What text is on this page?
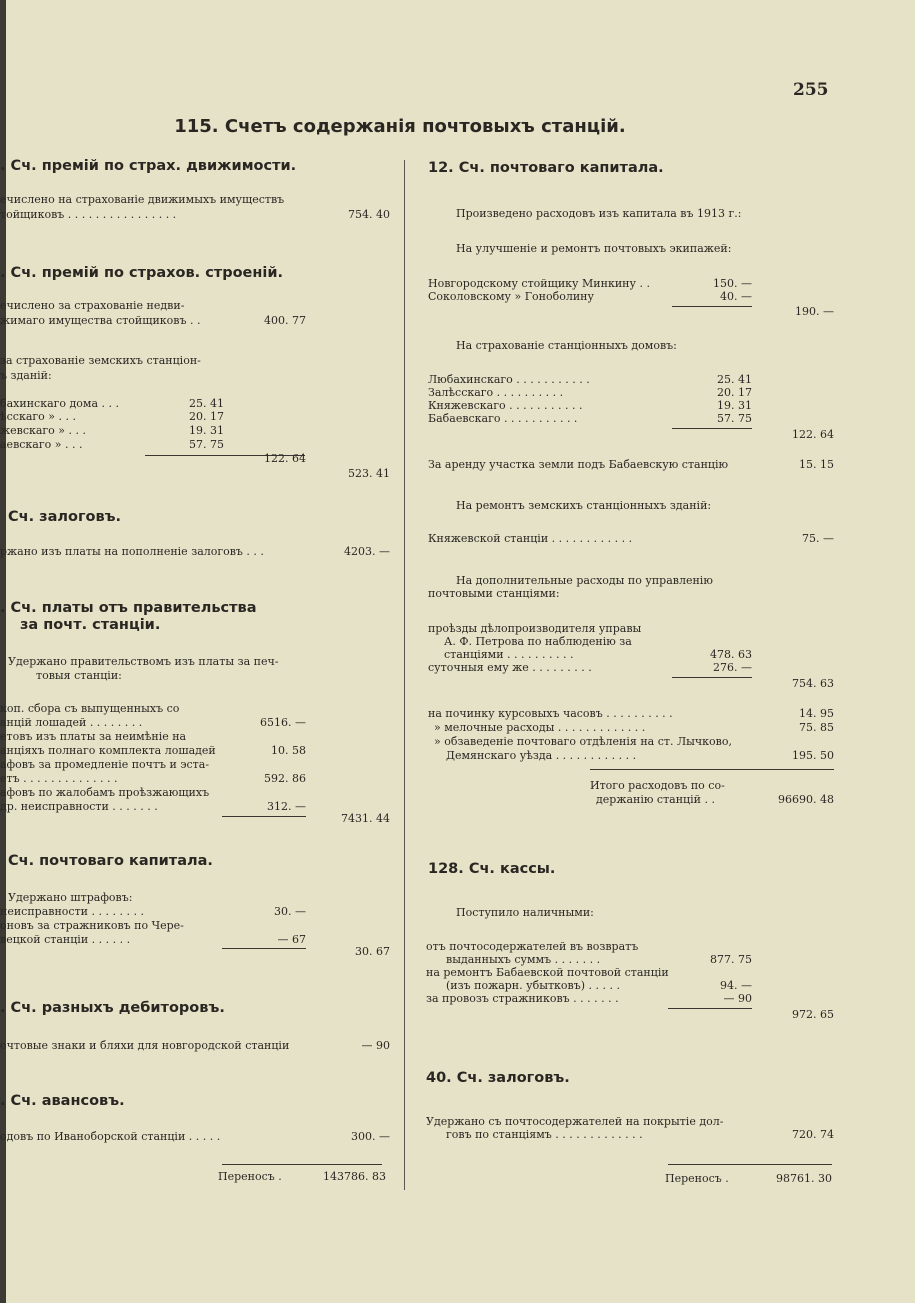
255
115. Счетъ содержанія почтовыхъ станцій.
. Сч. премій по страх. движимости.
ечислено на страхованіе движимыхъ имуществъ
тойщиковъ . . . . . . . . . . . . . . . .	754. 40
. Сч. премій по страхов. строеній.
ечислено за страхованіе недви-
жимаго имущества стойщиковъ . .	400. 77
за страхованіе земскихъ станціон-
ъ зданій:
бахинскаго дома . . .	25. 41
ѣсскаго » . . .	20. 17
жевскаго » . . .	19. 31
аевскаго » . . .	57. 75
122. 64
523. 41
Сч. залоговъ.
ржано изъ платы на пополненіе залоговъ . . .	4203. —
. Сч. платы отъ правительства
за почт. станціи.
Удержано правительствомъ изъ платы за печ-
товыя станціи:
коп. сбора съ выпущенныхъ со
анцій лошадей . . . . . . . .	6516. —
етовъ изъ платы за неимѣніе на
анціяхъ полнаго комплекта лошадей	10. 58
афовъ за промедленіе почтъ и эста-
етъ . . . . . . . . . . . . . .	592. 86
афовъ по жалобамъ проѣзжающихъ
др. неисправности . . . . . . .	312. —
7431. 44
Сч. почтоваго капитала.
Удержано штрафовъ:
неисправности . . . . . . . .	30. —
оновъ за стражниковъ по Чере-
вецкой станціи . . . . . .	— 67
30. 67
. Сч. разныхъ дебиторовъ.
очтовые знаки и бляхи для новгородской станціи	— 90
. Сч. авансовъ.
одовъ по Иваноборской станціи . . . . .	300. —
Переносъ .	143786. 83
12. Сч. почтоваго капитала.
Произведено расходовъ изъ капитала въ 1913 г.:
На улучшеніе и ремонтъ почтовыхъ экипажей:
Новгородскому стойщику Минкину . .	150. —
Соколовскому » Гоноболину	40. —
190. —
На страхованіе станціонныхъ домовъ:
Любахинскаго . . . . . . . . . . .	25. 41
Залѣсскаго . . . . . . . . . .	20. 17
Княжевскаго . . . . . . . . . . .	19. 31
Бабаевскаго . . . . . . . . . . .	57. 75
122. 64
За аренду участка земли подъ Бабаевскую станцію	15. 15
На ремонтъ земскихъ станціонныхъ зданій:
Княжевской станціи . . . . . . . . . . . .	75. —
На дополнительные расходы по управленію
почтовыми станціями:
проѣзды дѣлопроизводителя управы
А. Ф. Петрова по наблюденію за
станціями . . . . . . . . . .	478. 63
суточныя ему же . . . . . . . . .	276. —
754. 63
на починку курсовыхъ часовъ . . . . . . . . . .	14. 95
» мелочные расходы . . . . . . . . . . . . .	75. 85
» обзаведеніе почтоваго отдѣленія на ст. Лычково,
Демянскаго уѣзда . . . . . . . . . . . .	195. 50
Итого расходовъ по со-
держанію станцій . .	96690. 48
128. Сч. кассы.
Поступило наличными:
отъ почтосодержателей въ возвратъ
выданныхъ суммъ . . . . . . .	877. 75
на ремонтъ Бабаевской почтовой станціи
(изъ пожарн. убытковъ) . . . . .	94. —
за провозъ стражниковъ . . . . . . .	— 90
972. 65
40. Сч. залоговъ.
Удержано съ почтосодержателей на покрытіе дол-
говъ по станціямъ . . . . . . . . . . . . .	720. 74
Переносъ .	98761. 30
